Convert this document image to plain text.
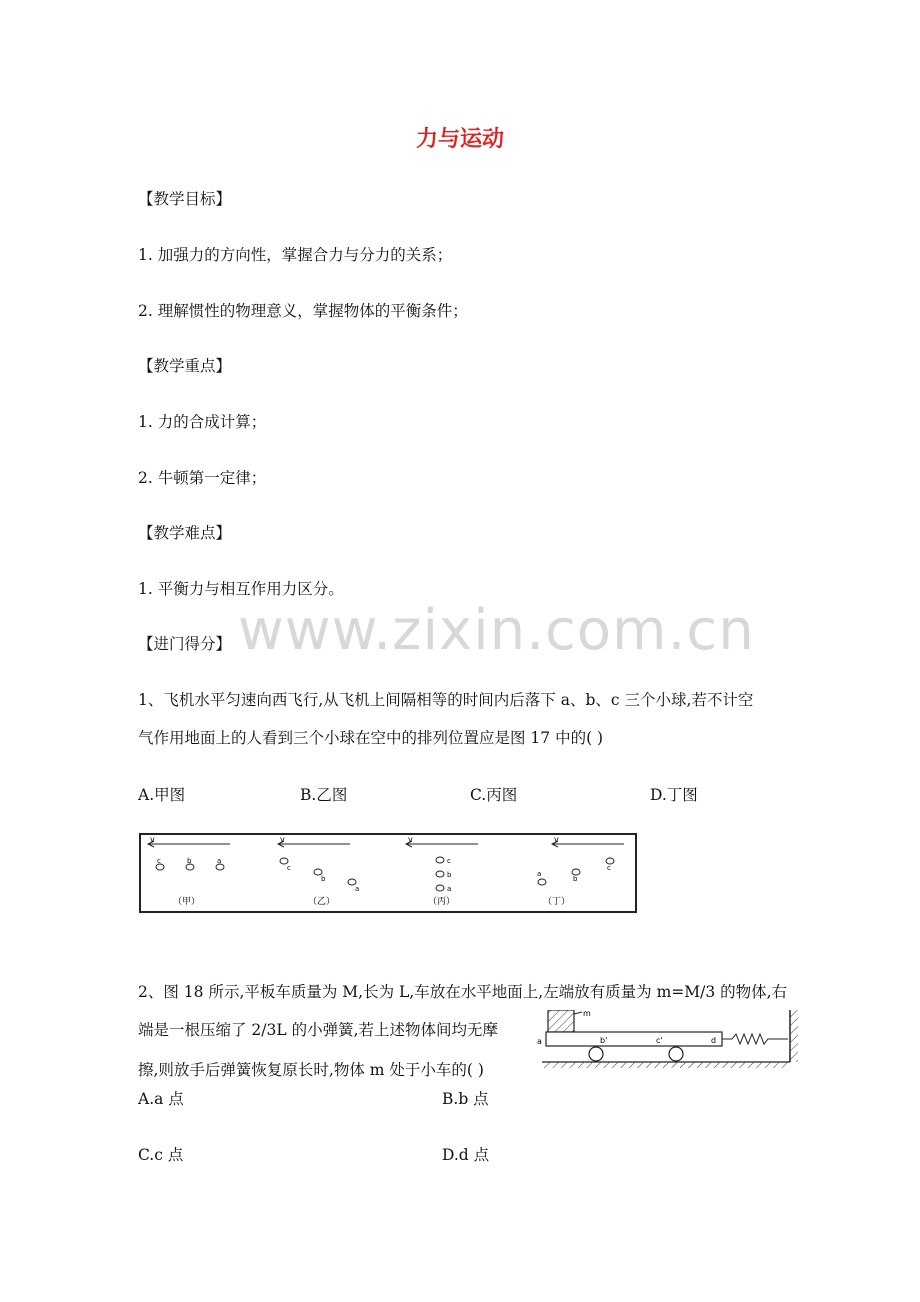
力与运动
www.zixin.com.cn
【教学目标】
1. 加强力的方向性，掌握合力与分力的关系；
2. 理解惯性的物理意义，掌握物体的平衡条件；
【教学重点】
1. 力的合成计算；
2. 牛顿第一定律；
【教学难点】
1. 平衡力与相互作用力区分。
【进门得分】
1、飞机水平匀速向西飞行,从飞机上间隔相等的时间内后落下 a、b、c 三个小球,若不计空
气作用地面上的人看到三个小球在空中的排列位置应是图 17 中的( )
A.甲图	B.乙图	C.丙图	D.丁图
v
c	b	a
（甲）
v
c
b
a
（乙）
v
c
b
a
（丙）
v
c
b
a
（丁）
2、图 18 所示,平板车质量为 M,长为 L,车放在水平地面上,左端放有质量为 m=M/3 的物体,右
端是一根压缩了 2/3L 的小弹簧,若上述物体间均无摩
擦,则放手后弹簧恢复原长时,物体 m 处于小车的( )
m
a	b'	c'	d
A.a 点	B.b 点
C.c 点	D.d 点
